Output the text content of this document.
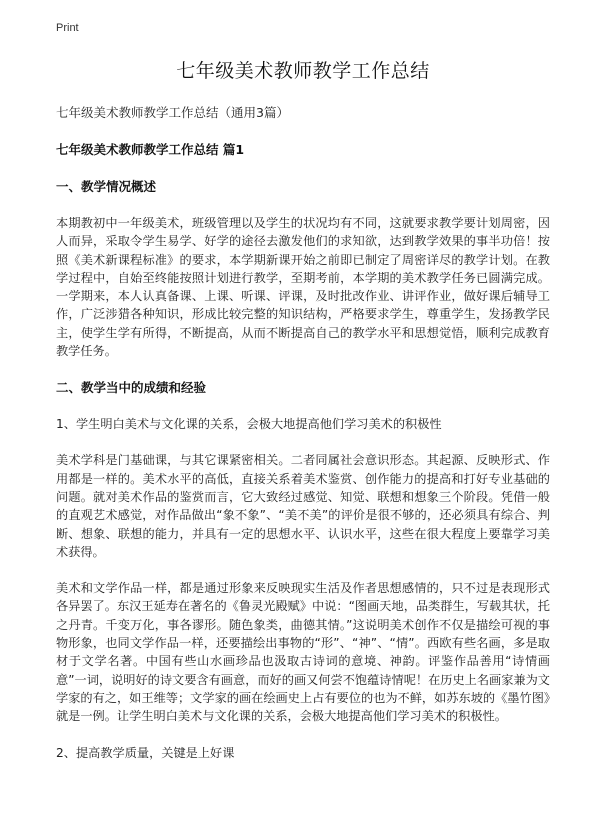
Print
七年级美术教师教学工作总结
七年级美术教师教学工作总结（通用3篇）
七年级美术教师教学工作总结 篇1
一、教学情况概述

本期教初中一年级美术，班级管理以及学生的状况均有不同，这就要求教学要计划周密，因人而异，采取令学生易学、好学的途径去激发他们的求知欲，达到教学效果的事半功倍！按照《美术新课程标准》的要求，本学期新课开始之前即已制定了周密详尽的教学计划。在教学过程中，自始至终能按照计划进行教学，至期考前，本学期的美术教学任务已圆满完成。一学期来，本人认真备课、上课、听课、评课，及时批改作业、讲评作业，做好课后辅导工作，广泛涉猎各种知识，形成比较完整的知识结构，严格要求学生，尊重学生，发扬教学民主，使学生学有所得，不断提高，从而不断提高自己的教学水平和思想觉悟，顺利完成教育教学任务。

二、教学当中的成绩和经验
1、学生明白美术与文化课的关系，会极大地提高他们学习美术的积极性

美术学科是门基础课，与其它课紧密相关。二者同属社会意识形态。其起源、反映形式、作用都是一样的。美术水平的高低，直接关系着美术鉴赏、创作能力的提高和打好专业基础的问题。就对美术作品的鉴赏而言，它大致经过感觉、知觉、联想和想象三个阶段。凭借一般的直观艺术感觉，对作品做出“象不象”、“美不美”的评价是很不够的，还必须具有综合、判断、想象、联想的能力，并具有一定的思想水平、认识水平，这些在很大程度上要靠学习美术获得。

美术和文学作品一样，都是通过形象来反映现实生活及作者思想感情的，只不过是表现形式各异罢了。东汉王延寿在著名的《鲁灵光殿赋》中说：“图画天地，品类群生，写载其状，托之丹青。千变万化，事各谬形。随色象类，曲德其情。”这说明美术创作不仅是描绘可视的事物形象，也同文学作品一样，还要描绘出事物的“形”、“神”、“情”。西欧有些名画，多是取材于文学名著。中国有些山水画珍品也汲取古诗词的意境、神韵。评鉴作品善用“诗情画意”一词，说明好的诗文要含有画意，而好的画又何尝不饱蕴诗情呢！在历史上名画家兼为文学家的有之，如王维等；文学家的画在绘画史上占有要位的也为不鲜，如苏东坡的《墨竹图》就是一例。让学生明白美术与文化课的关系，会极大地提高他们学习美术的积极性。

2、提高教学质量，关键是上好课
